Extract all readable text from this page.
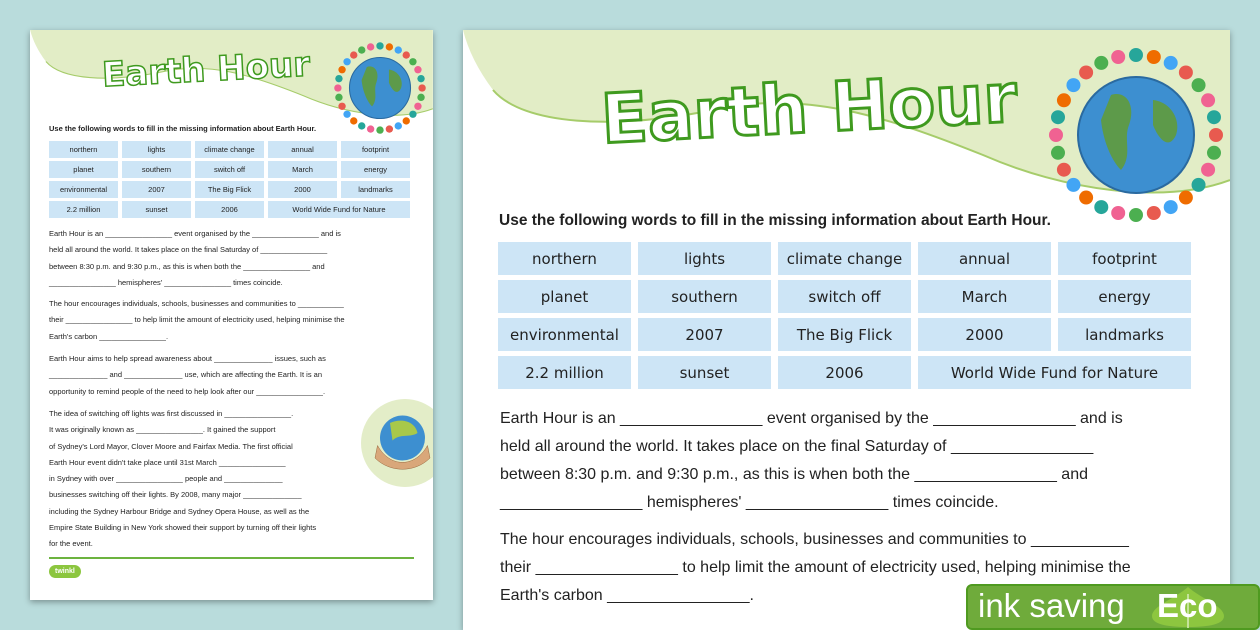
Earth Hour
Use the following words to fill in the missing information about Earth Hour.
northern	lights	climate change	annual	footprint
planet	southern	switch off	March	energy
environmental	2007	The Big Flick	2000	landmarks
2.2 million	sunset	2006	World Wide Fund for Nature
Earth Hour is an ________________ event organised by the ________________ and is
held all around the world. It takes place on the final Saturday of ________________
between 8:30 p.m. and 9:30 p.m., as this is when both the ________________ and
________________ hemispheres' ________________ times coincide.
The hour encourages individuals, schools, businesses and communities to ___________
their ________________ to help limit the amount of electricity used, helping minimise the
Earth's carbon ________________.
Earth Hour aims to help spread awareness about ______________ issues, such as
______________ and ______________ use, which are affecting the Earth. It is an
opportunity to remind people of the need to help look after our ________________.
The idea of switching off lights was first discussed in ________________.
It was originally known as ________________. It gained the support
of Sydney's Lord Mayor, Clover Moore and Fairfax Media. The first official
Earth Hour event didn't take place until 31st March ________________
in Sydney with over ________________ people and ______________
businesses switching off their lights. By 2008, many major ______________
including the Sydney Harbour Bridge and Sydney Opera House, as well as the
Empire State Building in New York showed their support by turning off their lights
for the event.
twinkl
Earth Hour
Use the following words to fill in the missing information about Earth Hour.
northern	lights	climate change	annual	footprint
planet	southern	switch off	March	energy
environmental	2007	The Big Flick	2000	landmarks
2.2 million	sunset	2006	World Wide Fund for Nature
Earth Hour is an ________________ event organised by the ________________ and is
held all around the world. It takes place on the final Saturday of ________________
between 8:30 p.m. and 9:30 p.m., as this is when both the ________________ and
________________ hemispheres' ________________ times coincide.
The hour encourages individuals, schools, businesses and communities to ___________
their ________________ to help limit the amount of electricity used, helping minimise the
Earth's carbon ________________.	ink saving Eco
